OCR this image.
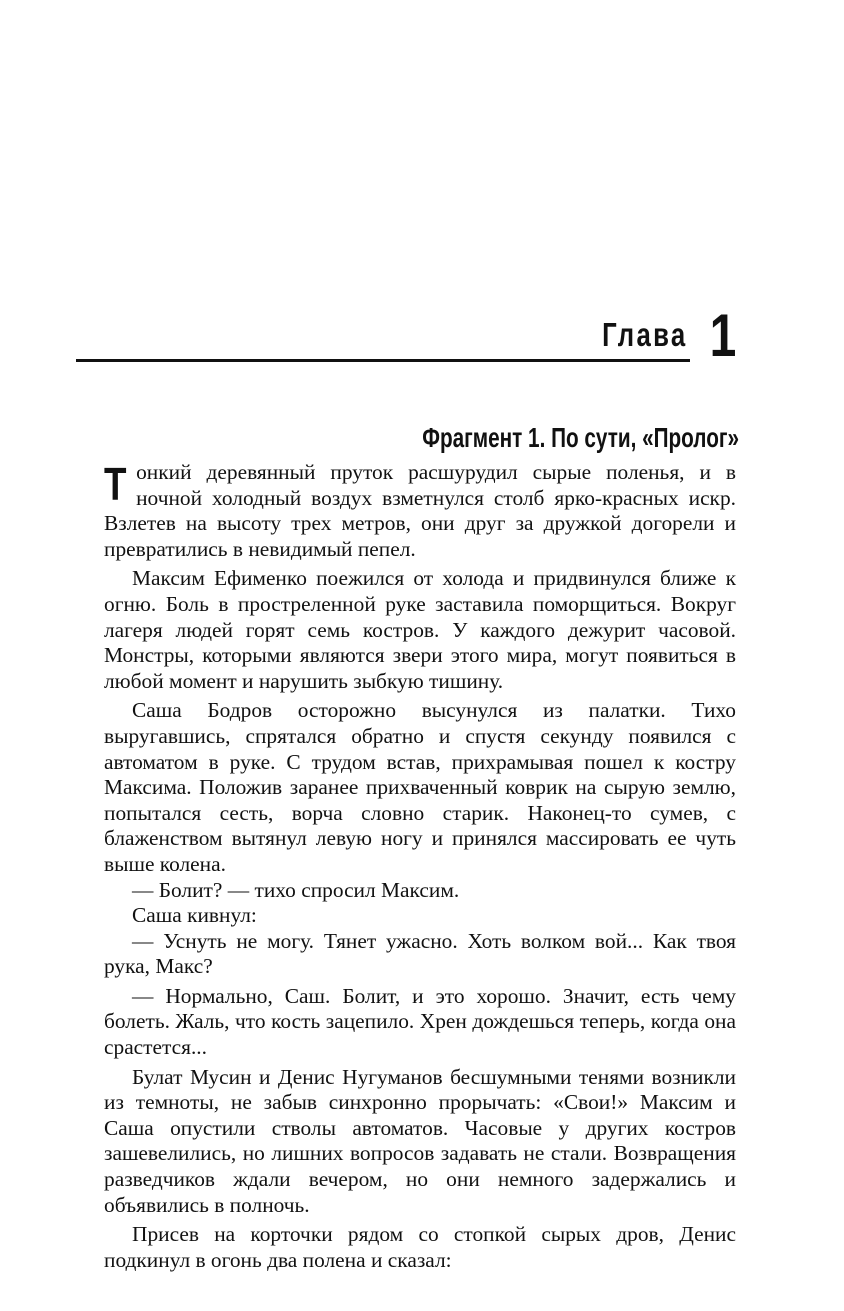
Глава 1
Фрагмент 1. По сути, «Пролог»

Тонкий деревянный пруток расшурудил сырые поленья, и в ночной холодный воздух взметнулся столб ярко-красных искр. Взлетев на высоту трех метров, они друг за дружкой догорели и превратились в невидимый пепел.

Максим Ефименко поежился от холода и придвинулся ближе к огню. Боль в простреленной руке заставила поморщиться. Вокруг лагеря людей горят семь костров. У каждого дежурит часовой. Монстры, которыми являются звери этого мира, могут появиться в любой момент и нарушить зыбкую тишину.

Саша Бодров осторожно высунулся из палатки. Тихо выругавшись, спрятался обратно и спустя секунду появился с автоматом в руке. С трудом встав, прихрамывая пошел к костру Максима. Положив заранее прихваченный коврик на сырую землю, попытался сесть, ворча словно старик. Наконец-то сумев, с блаженством вытянул левую ногу и принялся массировать ее чуть выше колена.

— Болит? — тихо спросил Максим.

Саша кивнул:

— Уснуть не могу. Тянет ужасно. Хоть волком вой... Как твоя рука, Макс?

— Нормально, Саш. Болит, и это хорошо. Значит, есть чему болеть. Жаль, что кость зацепило. Хрен дождешься теперь, когда она срастется...

Булат Мусин и Денис Нугуманов бесшумными тенями возникли из темноты, не забыв синхронно прорычать: «Свои!» Максим и Саша опустили стволы автоматов. Часовые у других костров зашевелились, но лишних вопросов задавать не стали. Возвращения разведчиков ждали вечером, но они немного задержались и объявились в полночь.

Присев на корточки рядом со стопкой сырых дров, Денис подкинул в огонь два полена и сказал:
